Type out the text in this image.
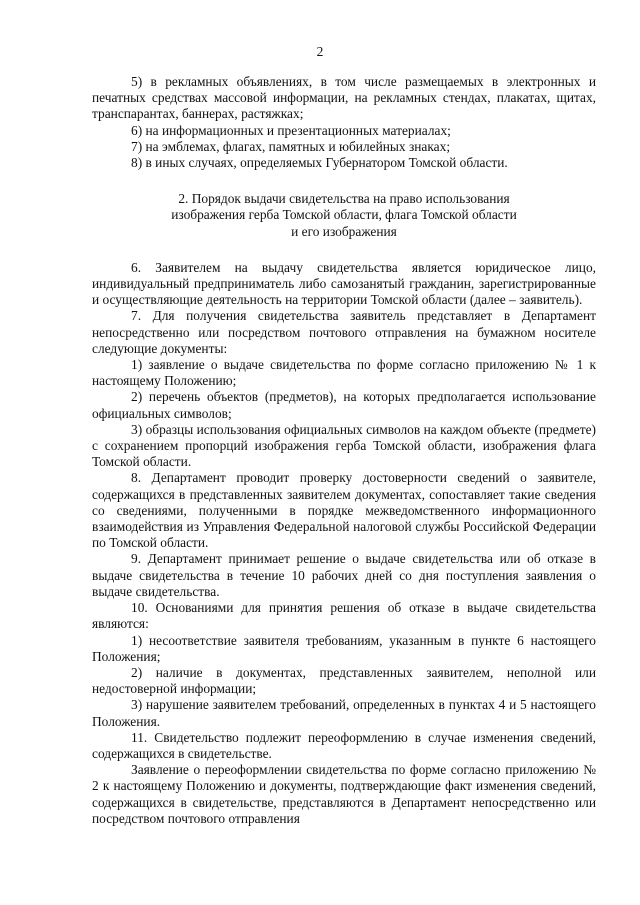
2

5) в рекламных объявлениях, в том числе размещаемых в электронных и печатных средствах массовой информации, на рекламных стендах, плакатах, щитах, транспарантах, баннерах, растяжках;

6) на информационных и презентационных материалах;

7) на эмблемах, флагах, памятных и юбилейных знаках;

8) в иных случаях, определяемых Губернатором Томской области.

2. Порядок выдачи свидетельства на право использования
изображения герба Томской области, флага Томской области
и его изображения

6. Заявителем на выдачу свидетельства является юридическое лицо, индивидуальный предприниматель либо самозанятый гражданин, зарегистрированные и осуществляющие деятельность на территории Томской области (далее – заявитель).

7. Для получения свидетельства заявитель представляет в Департамент непосредственно или посредством почтового отправления на бумажном носителе следующие документы:

1) заявление о выдаче свидетельства по форме согласно приложению № 1 к настоящему Положению;

2) перечень объектов (предметов), на которых предполагается использование официальных символов;

3) образцы использования официальных символов на каждом объекте (предмете) с сохранением пропорций изображения герба Томской области, изображения флага Томской области.

8. Департамент проводит проверку достоверности сведений о заявителе, содержащихся в представленных заявителем документах, сопоставляет такие сведения со сведениями, полученными в порядке межведомственного информационного взаимодействия из Управления Федеральной налоговой службы Российской Федерации по Томской области.

9. Департамент принимает решение о выдаче свидетельства или об отказе в выдаче свидетельства в течение 10 рабочих дней со дня поступления заявления о выдаче свидетельства.

10. Основаниями для принятия решения об отказе в выдаче свидетельства являются:

1) несоответствие заявителя требованиям, указанным в пункте 6 настоящего Положения;

2) наличие в документах, представленных заявителем, неполной или недостоверной информации;

3) нарушение заявителем требований, определенных в пунктах 4 и 5 настоящего Положения.

11. Свидетельство подлежит переоформлению в случае изменения сведений, содержащихся в свидетельстве.

Заявление о переоформлении свидетельства по форме согласно приложению № 2 к настоящему Положению и документы, подтверждающие факт изменения сведений, содержащихся в свидетельстве, представляются в Департамент непосредственно или посредством почтового отправления
